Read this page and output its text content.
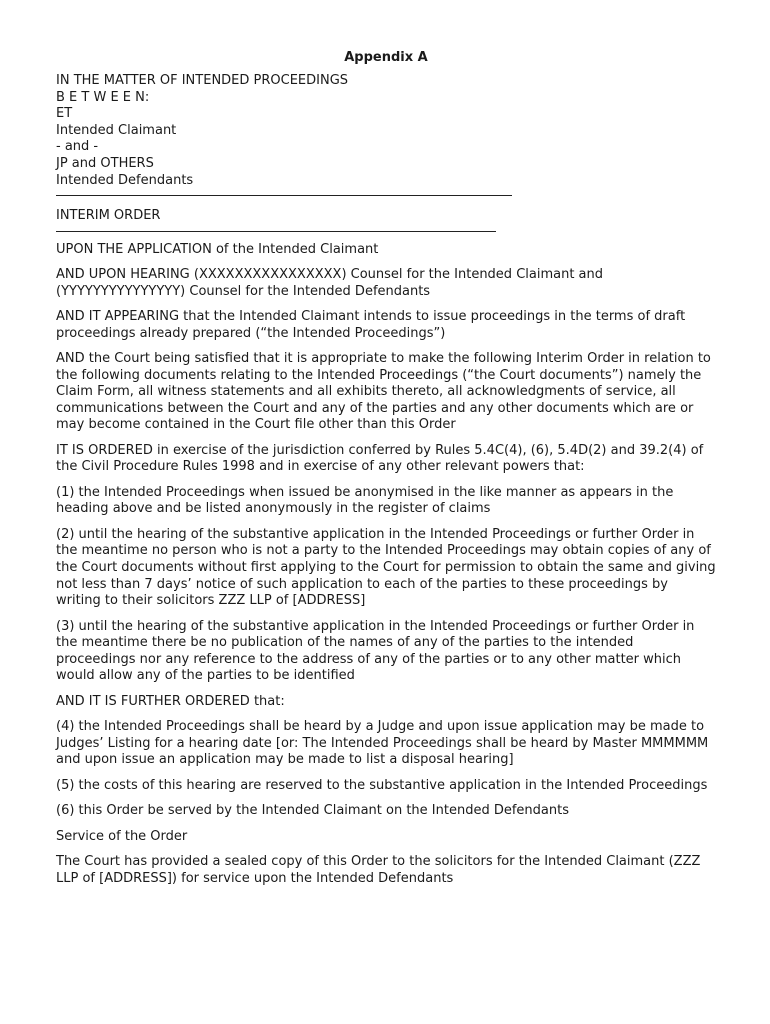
Appendix A
IN THE MATTER OF INTENDED PROCEEDINGS
B E T W E E N:
ET
Intended Claimant
- and -
JP and OTHERS
Intended Defendants
INTERIM ORDER

UPON THE APPLICATION of the Intended Claimant

AND UPON HEARING (XXXXXXXXXXXXXXXX) Counsel for the Intended Claimant and (YYYYYYYYYYYYYYY) Counsel for the Intended Defendants

AND IT APPEARING that the Intended Claimant intends to issue proceedings in the terms of draft proceedings already prepared (“the Intended Proceedings”)

AND the Court being satisfied that it is appropriate to make the following Interim Order in relation to the following documents relating to the Intended Proceedings (“the Court documents”) namely the Claim Form, all witness statements and all exhibits thereto, all acknowledgments of service, all communications between the Court and any of the parties and any other documents which are or may become contained in the Court file other than this Order

IT IS ORDERED in exercise of the jurisdiction conferred by Rules 5.4C(4), (6), 5.4D(2) and 39.2(4) of the Civil Procedure Rules 1998 and in exercise of any other relevant powers that:

(1) the Intended Proceedings when issued be anonymised in the like manner as appears in the heading above and be listed anonymously in the register of claims

(2) until the hearing of the substantive application in the Intended Proceedings or further Order in the meantime no person who is not a party to the Intended Proceedings may obtain copies of any of the Court documents without first applying to the Court for permission to obtain the same and giving not less than 7 days’ notice of such application to each of the parties to these proceedings by writing to their solicitors ZZZ LLP of [ADDRESS]

(3) until the hearing of the substantive application in the Intended Proceedings or further Order in the meantime there be no publication of the names of any of the parties to the intended proceedings nor any reference to the address of any of the parties or to any other matter which would allow any of the parties to be identified

AND IT IS FURTHER ORDERED that:

(4) the Intended Proceedings shall be heard by a Judge and upon issue application may be made to Judges’ Listing for a hearing date [or: The Intended Proceedings shall be heard by Master MMMMMM and upon issue an application may be made to list a disposal hearing]

(5) the costs of this hearing are reserved to the substantive application in the Intended Proceedings

(6) this Order be served by the Intended Claimant on the Intended Defendants

Service of the Order

The Court has provided a sealed copy of this Order to the solicitors for the Intended Claimant (ZZZ LLP of [ADDRESS]) for service upon the Intended Defendants
